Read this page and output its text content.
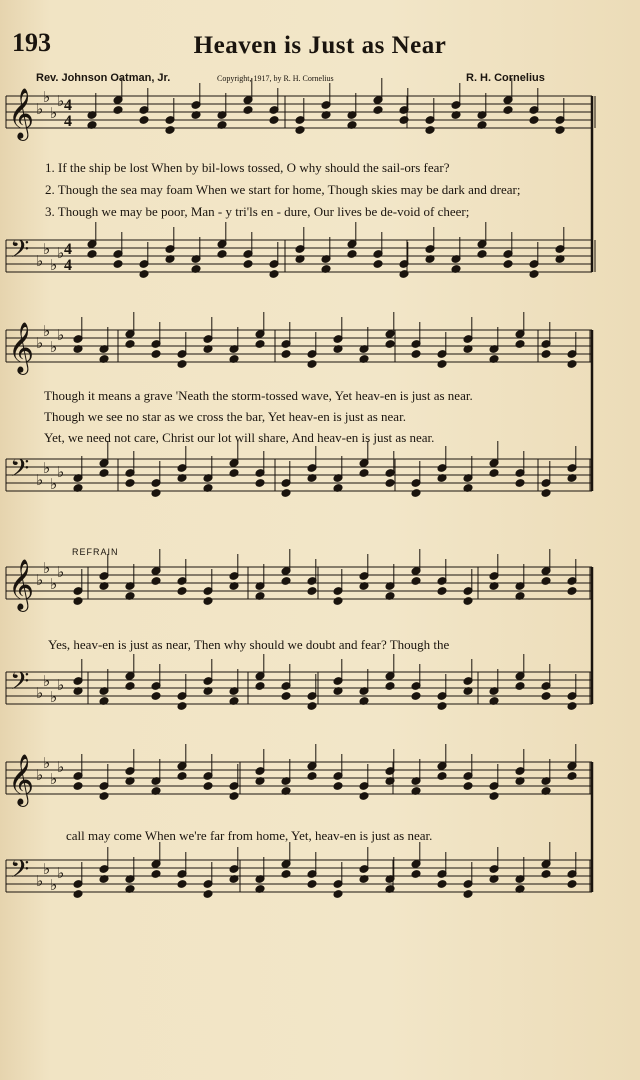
193	Heaven is Just as Near
Rev. Johnson Oatman, Jr.	Copyright, 1917, by R. H. Cornelius	R. H. Cornelius
𝄞
𝄢
♭
♭
♭
♭
♭
♭
♭
♭
4
4
4
4
𝄞
𝄢
♭
♭
♭
♭
♭
♭
♭
♭
𝄞
𝄢
♭
♭
♭
♭
♭
♭
♭
♭
𝄞
𝄢
♭
♭
♭
♭
♭
♭
♭
♭
1. If the ship be lost When by bil-lows tossed, O why should the sail-ors fear?
2. Though the sea may foam When we start for home, Though skies may be dark and drear;
3. Though we may be poor, Man - y tri'ls en - dure, Our lives be de-void of cheer;
Though it means a grave 'Neath the storm-tossed wave, Yet heav-en is just as near.
Though we see no star as we cross the bar, Yet heav-en is just as near.
Yet, we need not care, Christ our lot will share, And heav-en is just as near.
REFRAIN
Yes, heav-en is just as near, Then why should we doubt and fear? Though the
call may come When we're far from home, Yet, heav-en is just as near.
